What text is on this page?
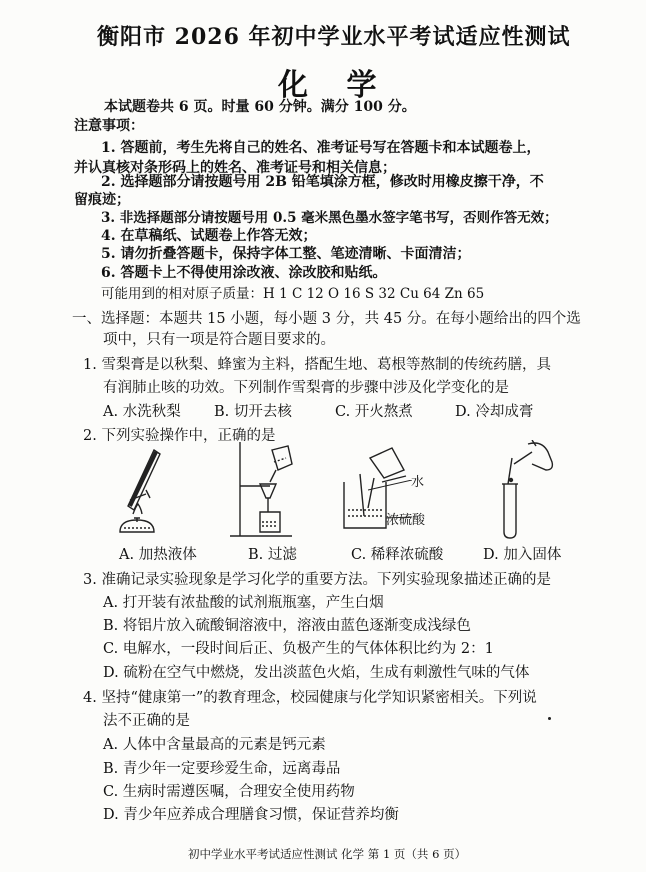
衡阳市 2026 年初中学业水平考试适应性测试
化 学
本试题卷共 6 页。时量 60 分钟。满分 100 分。
注意事项：
1. 答题前，考生先将自己的姓名、准考证号写在答题卡和本试题卷上，
并认真核对条形码上的姓名、准考证号和相关信息；
2. 选择题部分请按题号用 2B 铅笔填涂方框，修改时用橡皮擦干净，不
留痕迹；
3. 非选择题部分请按题号用 0.5 毫米黑色墨水签字笔书写，否则作答无效；
4. 在草稿纸、试题卷上作答无效；
5. 请勿折叠答题卡，保持字体工整、笔迹清晰、卡面清洁；
6. 答题卡上不得使用涂改液、涂改胶和贴纸。
可能用到的相对原子质量：H 1 C 12 O 16 S 32 Cu 64 Zn 65
一、选择题：本题共 15 小题，每小题 3 分，共 45 分。在每小题给出的四个选
项中，只有一项是符合题目要求的。
1. 雪梨膏是以秋梨、蜂蜜为主料，搭配生地、葛根等熬制的传统药膳，具
有润肺止咳的功效。下列制作雪梨膏的步骤中涉及化学变化的是
A. 水洗秋梨 B. 切开去核	C. 开火熬煮	D. 冷却成膏
2. 下列实验操作中，正确的是
水
浓硫酸
A. 加热液体	B. 过滤	C. 稀释浓硫酸	D. 加入固体
3. 准确记录实验现象是学习化学的重要方法。下列实验现象描述正确的是
A. 打开装有浓盐酸的试剂瓶瓶塞，产生白烟
B. 将铝片放入硫酸铜溶液中，溶液由蓝色逐渐变成浅绿色
C. 电解水，一段时间后正、负极产生的气体体积比约为 2：1
D. 硫粉在空气中燃烧，发出淡蓝色火焰，生成有刺激性气味的气体
4. 坚持“健康第一”的教育理念，校园健康与化学知识紧密相关。下列说
法不正确的是
A. 人体中含量最高的元素是钙元素
B. 青少年一定要珍爱生命，远离毒品
C. 生病时需遵医嘱，合理安全使用药物
D. 青少年应养成合理膳食习惯，保证营养均衡
初中学业水平考试适应性测试 化学 第 1 页（共 6 页）
